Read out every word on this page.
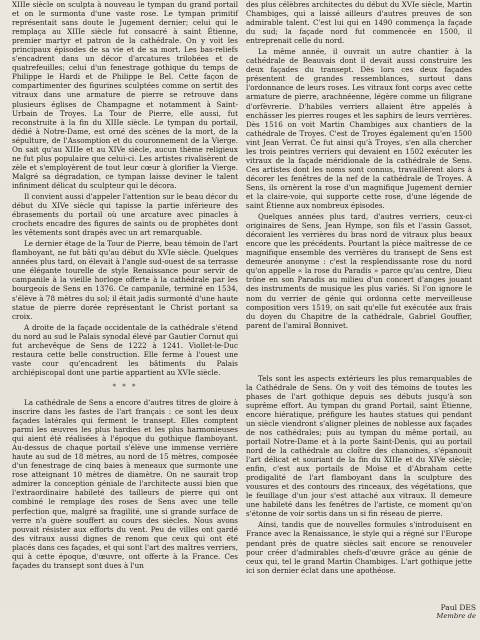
XIIIe siècle on sculpta à nouveau le tympan du grand portail et on le surmonta d'une vaste rose. Le tympan primitif représentait sans doute le Jugement dernier; celui qui le remplaça au XIIIe siècle fut consacré à saint Étienne, premier martyr et patron de la cathédrale. On y voit les principaux épisodes de sa vie et de sa mort. Les bas-reliefs s'encadrent dans un décor d'arcatures trilobées et de quatrefeuilles; celui d'un fenestrage gothique du temps de Philippe le Hardi et de Philippe le Bel. Cette façon de compartimenter des figurines sculptées comme on sertit des vitraux dans une armature de pierre se retrouve dans plusieurs églises de Champagne et notamment à Saint-Urbain de Troyes. La Tour de Pierre, elle aussi, fut reconstruite à la fin du XIIIe siècle. Le tympan du portail, dédié à Notre-Dame, est orné des scènes de la mort, de la sépulture, de l'Assomption et du couronnement de la Vierge. On sait qu'au XIIIe et au XIVe siècle, aucun thème religieux ne fut plus populaire que celui-ci. Les artistes rivalisèrent de zèle et s'employèrent de tout leur cœur à glorifier la Vierge. Malgré sa dégradation, ce tympan laisse deviner le talent infiniment délicat du sculpteur qui le décora.

Il convient aussi d'appeler l'attention sur le beau décor du début du XIVe siècle qui tapisse la partie inférieure des ébrasements du portail où une arcature avec pinacles à crochets encadre des figures de saints ou de prophètes dont les vêtements sont drapés avec un art remarquable.

Le dernier étage de la Tour de Pierre, beau témoin de l'art flamboyant, ne fut bâti qu'au début du XVIe siècle. Quelques années plus tard, on élevait à l'angle sud-ouest de sa terrasse une élégante tourelle de style Renaissance pour servir de campanile à la vieille horloge offerte à la cathédrale par les bourgeois de Sens en 1376. Ce campanile, terminé en 1534, s'élève à 78 mètres du sol; il était jadis surmonté d'une haute statue de pierre dorée représentant le Christ portant sa croix.

A droite de la façade occidentale de la cathédrale s'étend du nord au sud le Palais synodal élevé par Gautier Cornut qui fut archevêque de Sens de 1222 à 1241. Viollet-le-Duc restaura cette belle construction. Elle ferme à l'ouest une vaste cour qu'encadrent les bâtiments du Palais archiépiscopal dont une partie appartient au XVIe siècle.

* * *

La cathédrale de Sens a encore d'autres titres de gloire à inscrire dans les fastes de l'art français : ce sont les deux façades latérales qui ferment le transept. Elles comptent parmi les œuvres les plus hardies et les plus harmonieuses qui aient été réalisées à l'époque du gothique flamboyant. Au-dessus de chaque portail s'élève une immense verrière haute au sud de 18 mètres, au nord de 15 mètres, composée d'un fenestrage de cinq baies à meneaux que surmonte une rose atteignant 10 mètres de diamètre. On ne saurait trop admirer la conception géniale de l'architecte aussi bien que l'extraordinaire habileté des tailleurs de pierre qui ont combiné le remplage des roses de Sens avec une telle perfection que, malgré sa fragilité, une si grande surface de verre n'a guère souffert au cours des siècles. Nous avons pouvait résister aux efforts du vent. Peu de villes ont gardé des vitraux aussi dignes de renom que ceux qui ont été placés dans ces façades, et qui sont l'art des maîtres verriers, qui à cette époque, d'œuvre, ont offerte à la France. Ces façades du transept sont dues à l'un

des plus célèbres architectes du début du XVIe siècle, Martin Chambiges, qui a laissé ailleurs d'autres preuves de son admirable talent. C'est lui qui en 1490 commença la façade du sud; la façade nord fut commencée en 1500, il entreprenait celle du nord.

La même année, il ouvrait un autre chantier à la cathédrale de Beauvais dont il devait aussi construire les deux façades du transept. Dès lors ces deux façades présentent de grandes ressemblances, surtout dans l'ordonnance de leurs roses. Les vitraux font corps avec cette armature de pierre, arachnéenne, légère comme un filigrane d'orfèvrerie. D'habiles verriers allaient être appelés à enchâsser les pierres rouges et les saphirs de leurs verrières. Dès 1516 on voit Martin Chambiges aux chantiers de la cathédrale de Troyes. C'est de Troyes également qu'en 1500 vint Jean Verrat. Ce fut ainsi qu'à Troyes, s'en alla chercher les trois peintres verriers qui devaient en 1502 exécuter les vitraux de la façade méridionale de la cathédrale de Sens. Ces artistes dont les noms sont connus, travaillèrent alors à décorer les fenêtres de la nef de la cathédrale de Troyes. A Sens, ils ornèrent la rose d'un magnifique Jugement dernier et la claire-voie, qui supporte cette rose, d'une légende de saint Étienne aux nombreux épisodes.

Quelques années plus tard, d'autres verriers, ceux-ci originaires de Sens, Jean Hympe, son fils et l'assin Gassot, décoraient les verrières du bras nord de vitraux plus beaux encore que les précédents. Pourtant la pièce maîtresse de ce magnifique ensemble des verrières du transept de Sens est demeurée anonyme : c'est la resplendissante rose du nord qu'on appelle « la rose du Paradis » parce qu'au centre, Dieu trône en son Paradis au milieu d'un concert d'anges jouant des instruments de musique les plus variés. Si l'on ignore le nom du verrier de génie qui ordonna cette merveilleuse composition vers 1519, on sait qu'elle fut exécutée aux frais du doyen du Chapitre de la cathédrale, Gabriel Gouffier, parent de l'amiral Bonnivet.

Tels sont les aspects extérieurs les plus remarquables de la Cathédrale de Sens. On y voit des témoins de toutes les phases de l'art gothique depuis ses débuts jusqu'à son suprême effort. Au tympan du grand Portail, saint Étienne, encore hiératique, préfigure les hautes statues qui pendant un siècle viendront s'aligner pleines de noblesse aux façades de nos cathédrales; puis au tympan du même portail, au portail Notre-Dame et à la porte Saint-Denis, qui au portail nord de la cathédrale au cloître des chanoines, s'épanouit l'art délicat et souriant de la fin du XIIIe et du XIVe siècle; enfin, c'est aux portails de Moïse et d'Abraham cette prodigalité de l'art flamboyant dans la sculpture des vousures et des contours des rinceaux, des végétations, que le feuillage d'un jour s'est attaché aux vitraux. Il demeure une habileté dans les fenêtres de l'artiste, ce moment qu'on s'étonne de voir sortis dans un si fin réseau de pierre.

Ainsi, tandis que de nouvelles formules s'introduisent en France avec la Renaissance, le style qui a régné sur l'Europe pendant près de quatre siècles sait encore se renouveler pour créer d'admirables chefs-d'œuvre grâce au génie de ceux qui, tel le grand Martin Chambiges. L'art gothique jette ici son dernier éclat dans une apothéose.

Paul DES
Membre de
